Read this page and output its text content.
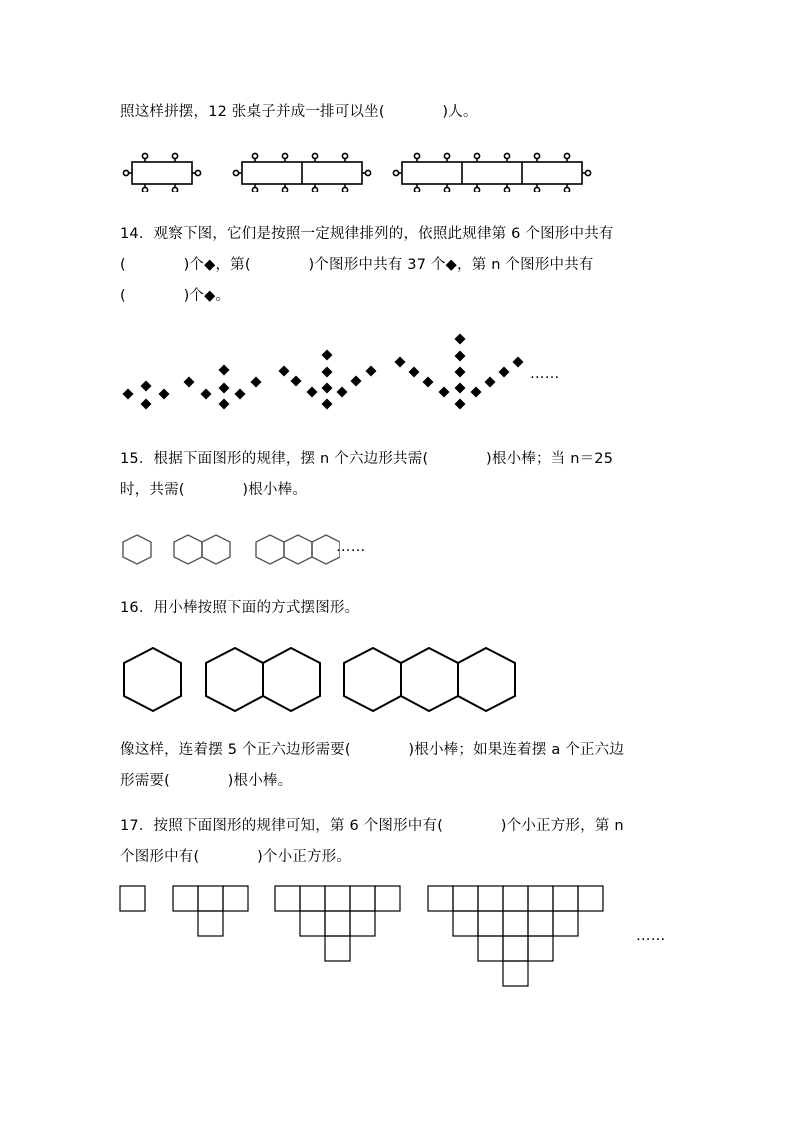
照这样拼摆，12 张桌子并成一排可以坐(            )人。
14．观察下图，它们是按照一定规律排列的，依照此规律第 6 个图形中共有
(            )个◆，第(            )个图形中共有 37 个◆，第 n 个图形中共有
(            )个◆。
……
15．根据下面图形的规律，摆 n 个六边形共需(            )根小棒；当 n＝25
时，共需(            )根小棒。
……
16．用小棒按照下面的方式摆图形。
像这样，连着摆 5 个正六边形需要(            )根小棒；如果连着摆 a 个正六边
形需要(            )根小棒。
17．按照下面图形的规律可知，第 6 个图形中有(            )个小正方形，第 n
个图形中有(            )个小正方形。
……
